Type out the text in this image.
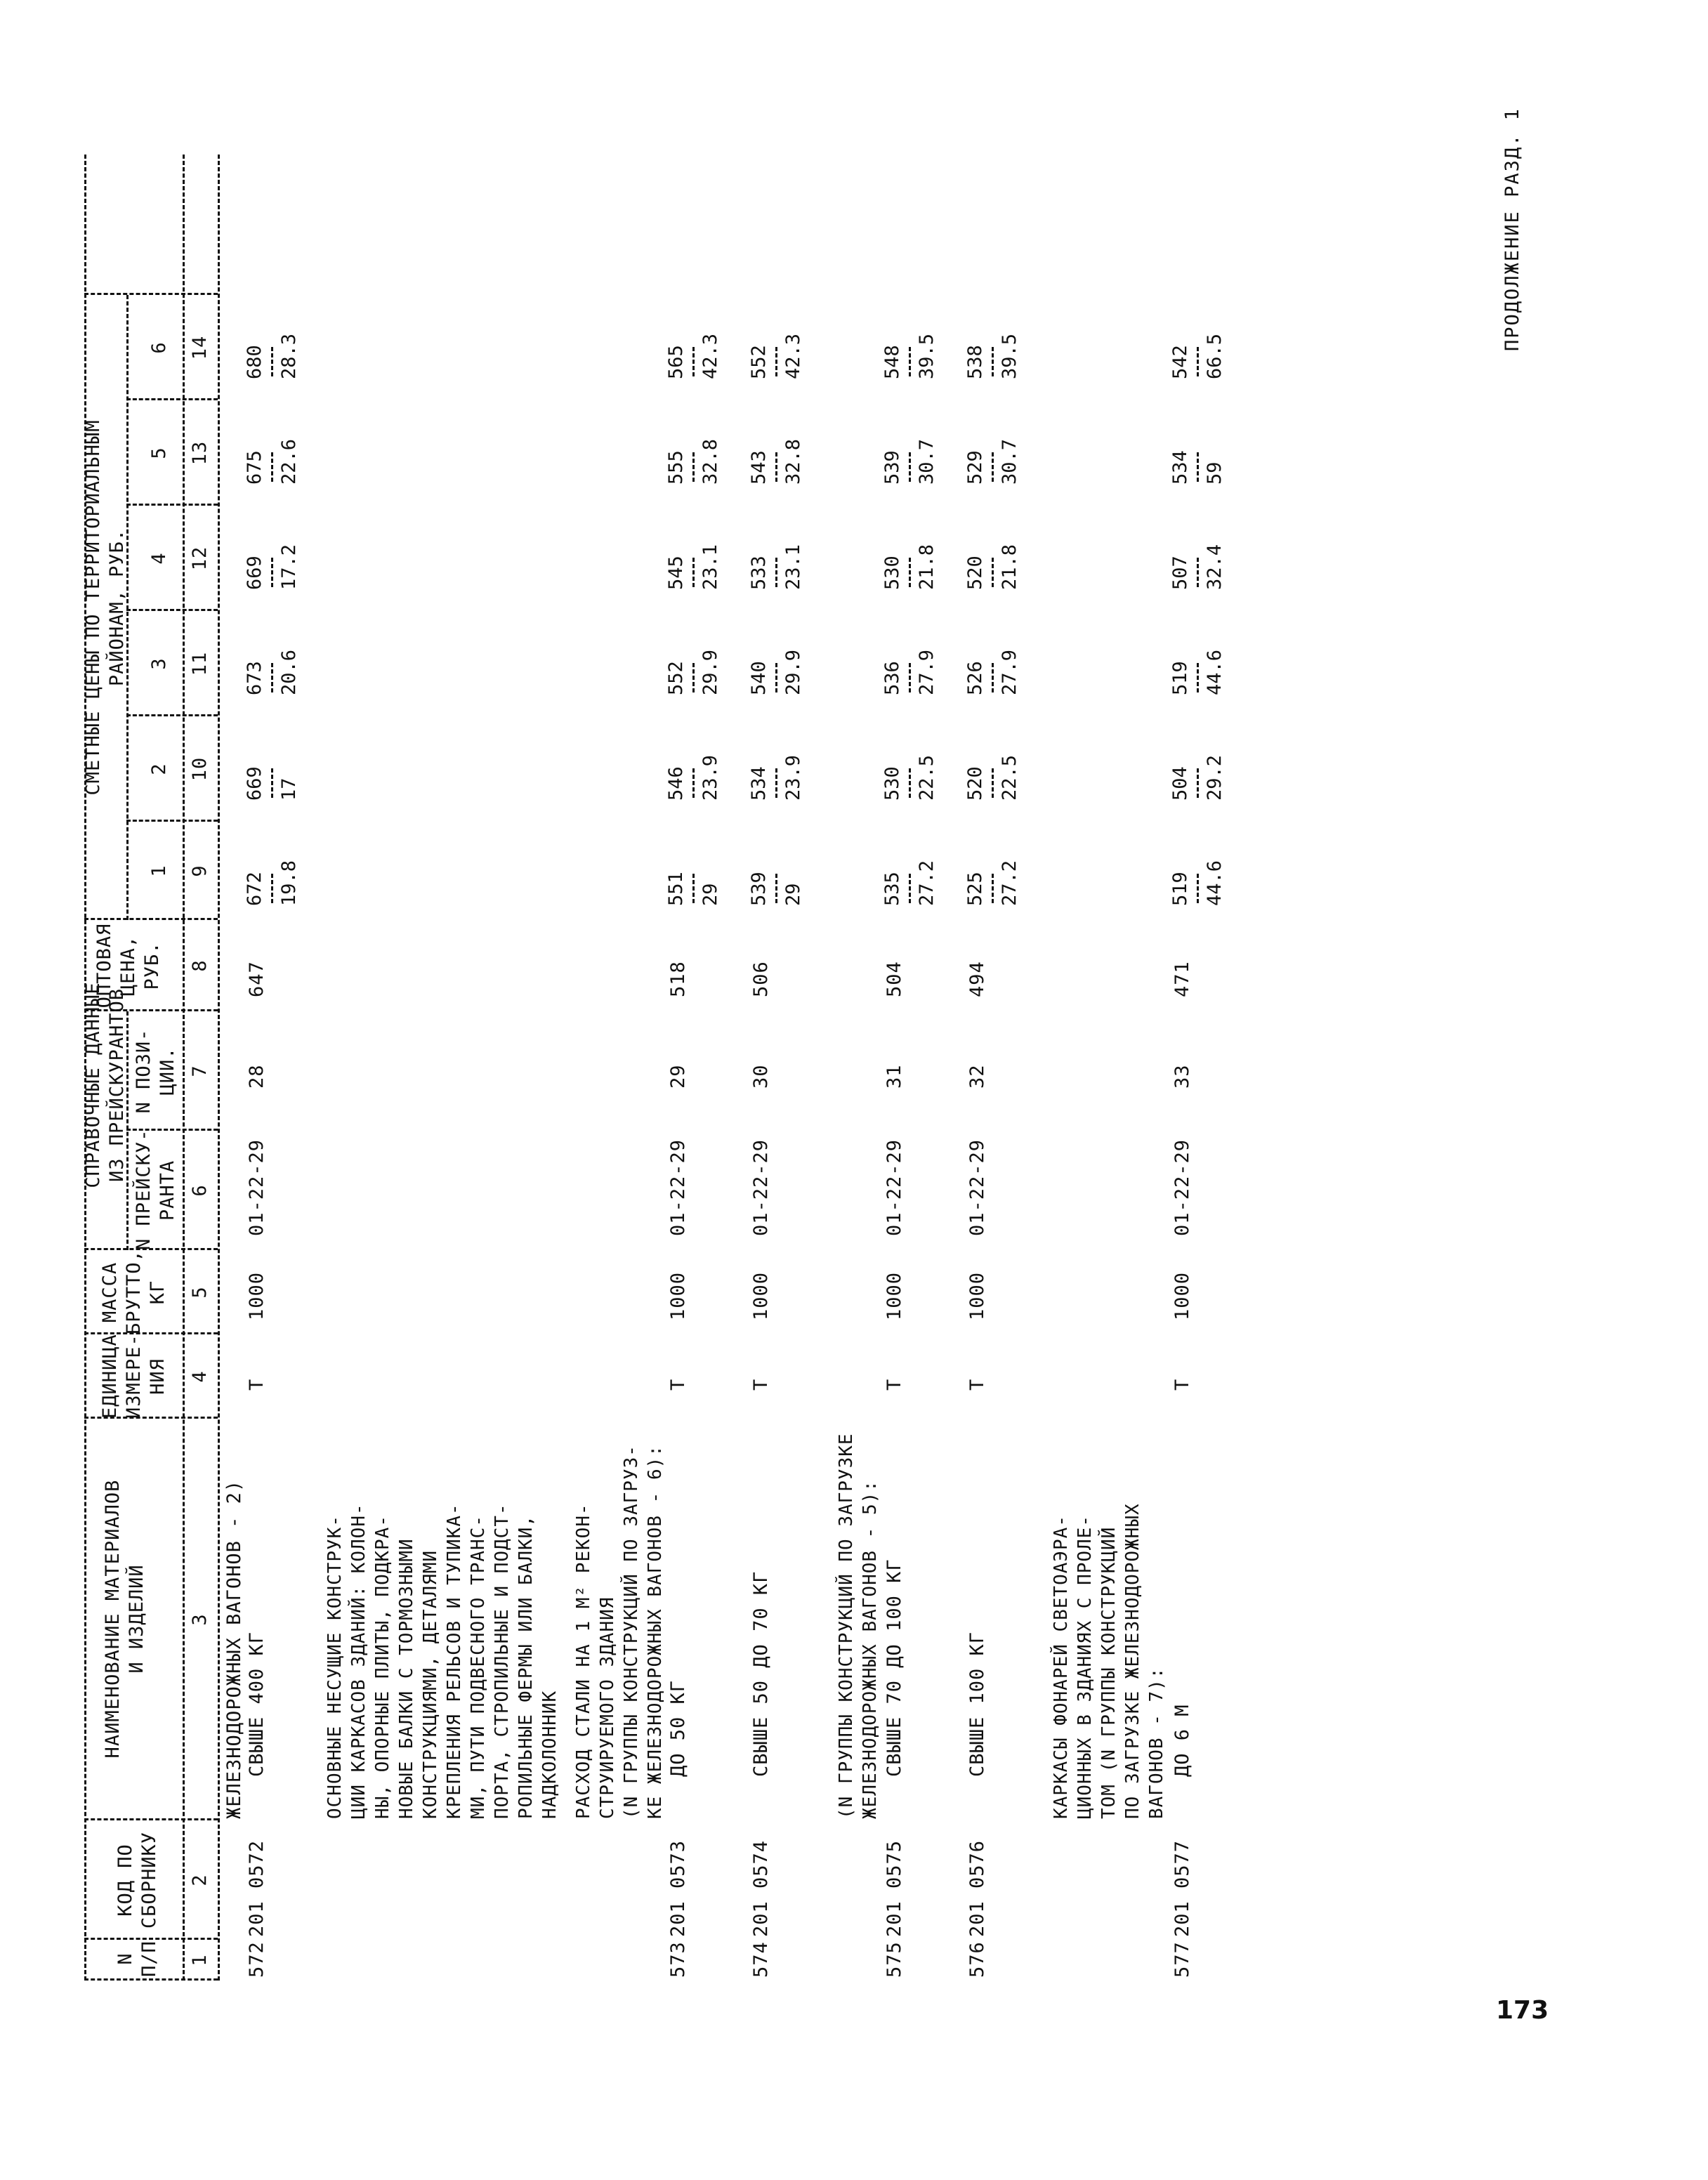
ПРОДОЛЖЕНИЕ РАЗД. 1
N
П/П
КОД ПО
СБОРНИКУ
НАИМЕНОВАНИЕ МАТЕРИАЛОВ
И ИЗДЕЛИЙ
ЕДИНИЦА
ИЗМЕРЕ-
НИЯ
МАССА
БРУТТО,
КГ
СПРАВОЧНЫЕ ДАННЫЕ
ИЗ ПРЕЙСКУРАНТОВ
N ПРЕЙСКУ-
РАНТА
N ПОЗИ-
ЦИИ.
ОПТОВАЯ
ЦЕНА,
РУБ.
СМЕТНЫЕ ЦЕНЫ ПО ТЕРРИТОРИАЛЬНЫМ
РАЙОНАМ, РУБ.
1
2
3
4
5
6
1
2
3
4
5
6
7
8
9
10
11
12
13
14
ЖЕЛЕЗНОДОРОЖНЫХ ВАГОНОВ - 2)
572
201 0572
СВЫШЕ 400 КГ
Т
1000
01-22-29
28
647
672 19.8
669 17
673 20.6
669 17.2
675 22.6
680 28.3
ОСНОВНЫЕ НЕСУЩИЕ КОНСТРУК-
ЦИИ КАРКАСОВ ЗДАНИЙ: КОЛОН-
НЫ, ОПОРНЫЕ ПЛИТЫ, ПОДКРА-
НОВЫЕ БАЛКИ С ТОРМОЗНЫМИ
КОНСТРУКЦИЯМИ, ДЕТАЛЯМИ
КРЕПЛЕНИЯ РЕЛЬСОВ И ТУПИКА-
МИ, ПУТИ ПОДВЕСНОГО ТРАНС-
ПОРТА, СТРОПИЛЬНЫЕ И ПОДСТ-
РОПИЛЬНЫЕ ФЕРМЫ ИЛИ БАЛКИ,
НАДКОЛОННИК РАСХОД СТАЛИ НА 1 М² РЕКОН-
СТРУИРУЕМОГО ЗДАНИЯ
(N ГРУППЫ КОНСТРУКЦИЙ ПО ЗАГРУЗ-
КЕ ЖЕЛЕЗНОДОРОЖНЫХ ВАГОНОВ - 6):
573
201 0573
ДО 50 КГ
Т
1000
01-22-29
29
518
551 29
546 23.9
552 29.9
545 23.1
555 32.8
565 42.3
574
201 0574
СВЫШЕ 50 ДО 70 КГ
Т
1000
01-22-29
30
506
539 29
534 23.9
540 29.9
533 23.1
543 32.8
552 42.3
(N ГРУППЫ КОНСТРУКЦИЙ ПО ЗАГРУЗКЕ
ЖЕЛЕЗНОДОРОЖНЫХ ВАГОНОВ - 5):
575
201 0575
СВЫШЕ 70 ДО 100 КГ
Т
1000
01-22-29
31
504
535 27.2
530 22.5
536 27.9
530 21.8
539 30.7
548 39.5
576
201 0576
СВЫШЕ 100 КГ
Т
1000
01-22-29
32
494
525 27.2
520 22.5
526 27.9
520 21.8
529 30.7
538 39.5
КАРКАСЫ ФОНАРЕЙ СВЕТОАЭРА-
ЦИОННЫХ В ЗДАНИЯХ С ПРОЛЕ-
ТОМ (N ГРУППЫ КОНСТРУКЦИЙ
ПО ЗАГРУЗКЕ ЖЕЛЕЗНОДОРОЖНЫХ
ВАГОНОВ - 7):
577
201 0577
ДО 6 М
Т
1000
01-22-29
33
471
519 44.6
504 29.2
519 44.6
507 32.4
534 59
542 66.5
173
